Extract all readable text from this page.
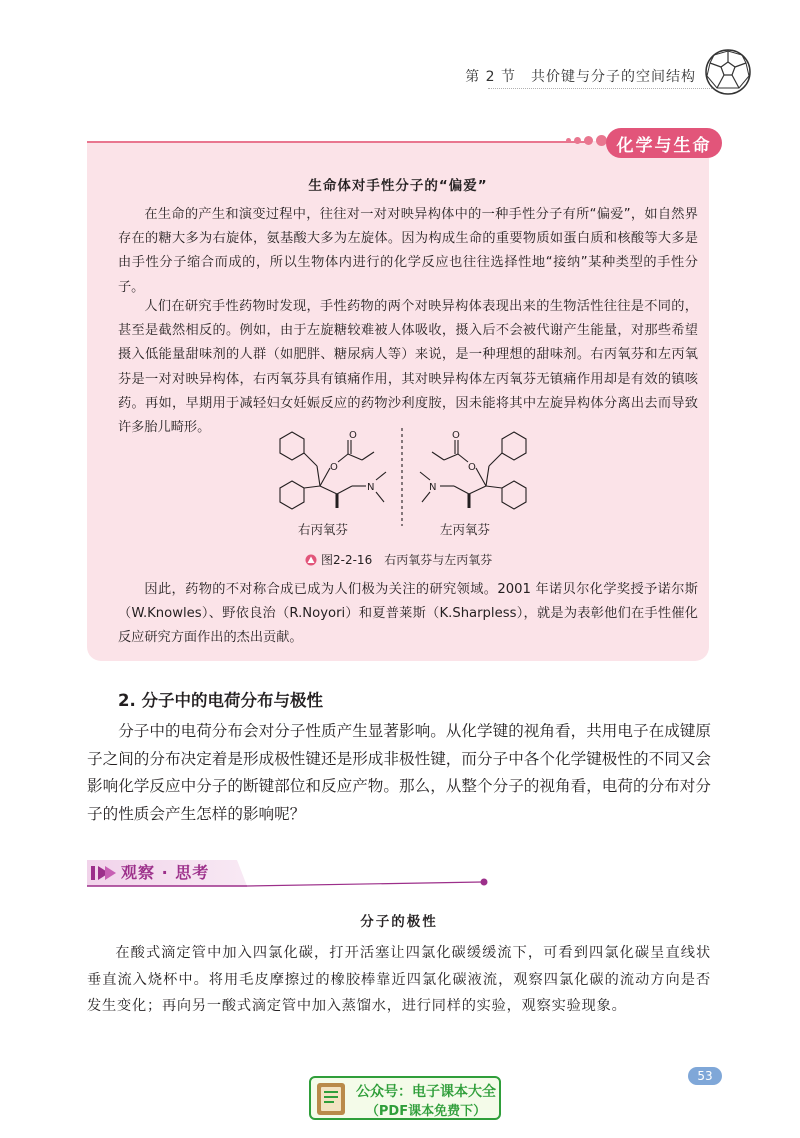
第 2 节　共价键与分子的空间结构
化学与生命
生命体对手性分子的“偏爱”

在生命的产生和演变过程中，往往对一对对映异构体中的一种手性分子有所“偏爱”，如自然界存在的糖大多为右旋体，氨基酸大多为左旋体。因为构成生命的重要物质如蛋白质和核酸等大多是由手性分子缩合而成的，所以生物体内进行的化学反应也往往选择性地“接纳”某种类型的手性分子。

人们在研究手性药物时发现，手性药物的两个对映异构体表现出来的生物活性往往是不同的，甚至是截然相反的。例如，由于左旋糖较难被人体吸收，摄入后不会被代谢产生能量，对那些希望摄入低能量甜味剂的人群（如肥胖、糖尿病人等）来说，是一种理想的甜味剂。右丙氧芬和左丙氧芬是一对对映异构体，右丙氧芬具有镇痛作用，其对映异构体左丙氧芬无镇痛作用却是有效的镇咳药。再如，早期用于减轻妇女妊娠反应的药物沙利度胺，因未能将其中左旋异构体分离出去而导致许多胎儿畸形。

O
O
N
O
O
N
右丙氧芬	左丙氧芬
图2-2-16　右丙氧芬与左丙氧芬

因此，药物的不对称合成已成为人们极为关注的研究领域。2001 年诺贝尔化学奖授予诺尔斯（W.Knowles）、野依良治（R.Noyori）和夏普莱斯（K.Sharpless），就是为表彰他们在手性催化反应研究方面作出的杰出贡献。

2. 分子中的电荷分布与极性

分子中的电荷分布会对分子性质产生显著影响。从化学键的视角看，共用电子在成键原子之间的分布决定着是形成极性键还是形成非极性键，而分子中各个化学键极性的不同又会影响化学反应中分子的断键部位和反应产物。那么，从整个分子的视角看，电荷的分布对分子的性质会产生怎样的影响呢？

观察 · 思考
分子的极性

在酸式滴定管中加入四氯化碳，打开活塞让四氯化碳缓缓流下，可看到四氯化碳呈直线状垂直流入烧杯中。将用毛皮摩擦过的橡胶棒靠近四氯化碳液流，观察四氯化碳的流动方向是否发生变化；再向另一酸式滴定管中加入蒸馏水，进行同样的实验，观察实验现象。

53
公众号：电子课本大全
（PDF课本免费下）
